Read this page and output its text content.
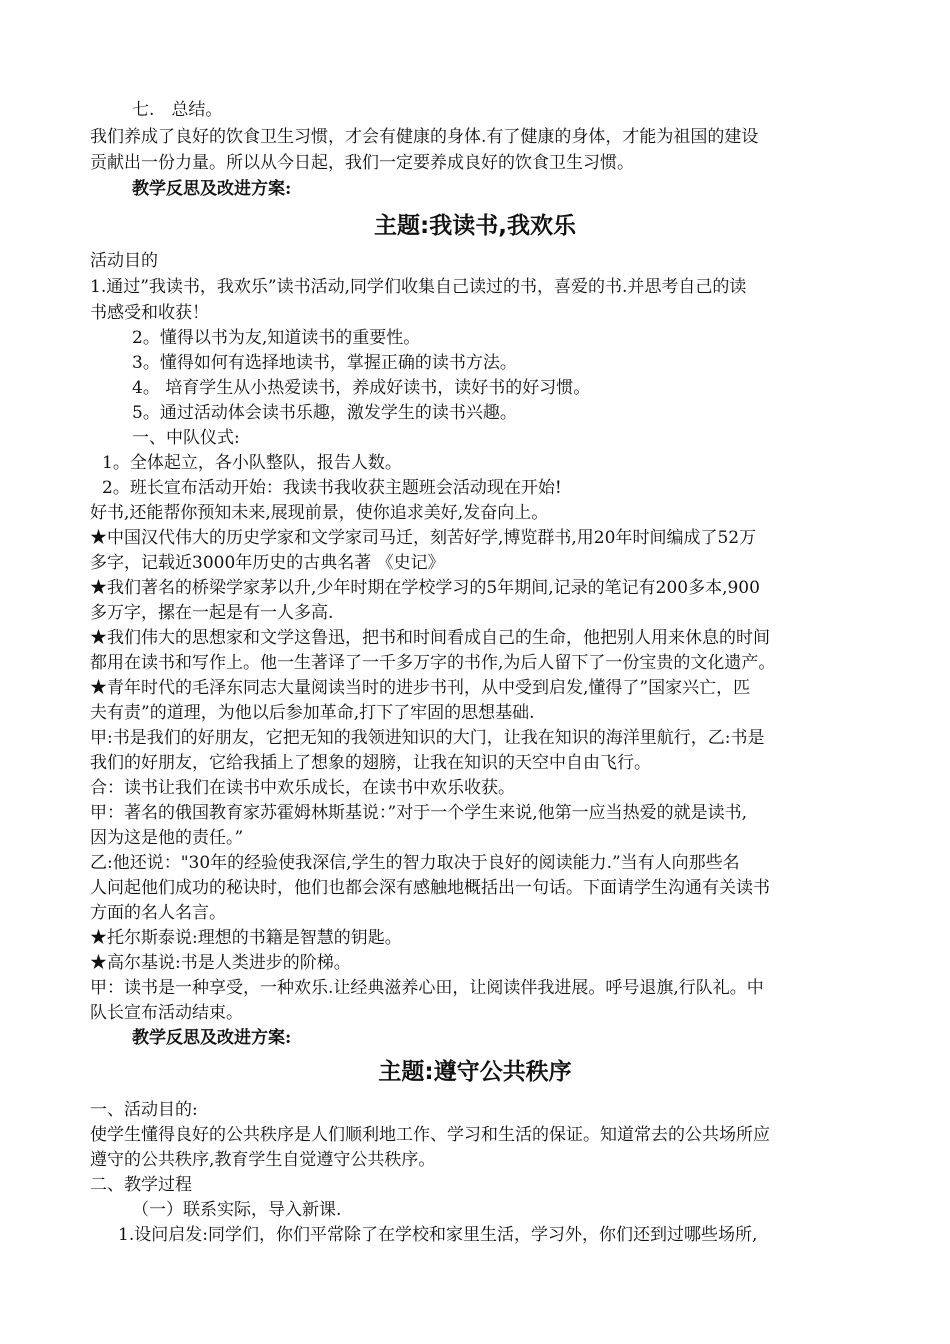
七.　总结。
我们养成了良好的饮食卫生习惯，才会有健康的身体.有了健康的身体，才能为祖国的建设
贡献出一份力量。所以从今日起，我们一定要养成良好的饮食卫生习惯。
教学反思及改进方案:
主题:我读书,我欢乐
活动目的
1.通过”我读书，我欢乐”读书活动,同学们收集自己读过的书，喜爱的书.并思考自己的读
书感受和收获！
2。懂得以书为友,知道读书的重要性。
3。懂得如何有选择地读书，掌握正确的读书方法。
4。 培育学生从小热爱读书，养成好读书，读好书的好习惯。
5。通过活动体会读书乐趣，激发学生的读书兴趣。
一、中队仪式:
1。全体起立，各小队整队，报告人数。
2。班长宣布活动开始：我读书我收获主题班会活动现在开始!
好书,还能帮你预知未来,展现前景，使你追求美好,发奋向上。
★中国汉代伟大的历史学家和文学家司马迁，刻苦好学,博览群书,用20年时间编成了52万
多字，记载近3000年历史的古典名著 《史记》
★我们著名的桥梁学家茅以升,少年时期在学校学习的5年期间,记录的笔记有200多本,900
多万字，摞在一起是有一人多高.
★我们伟大的思想家和文学这鲁迅，把书和时间看成自己的生命，他把别人用来休息的时间
都用在读书和写作上。他一生著译了一千多万字的书作,为后人留下了一份宝贵的文化遗产。
★青年时代的毛泽东同志大量阅读当时的进步书刊，从中受到启发,懂得了”国家兴亡，匹
夫有责”的道理，为他以后参加革命,打下了牢固的思想基础.
甲:书是我们的好朋友，它把无知的我领进知识的大门，让我在知识的海洋里航行，乙:书是
我们的好朋友，它给我插上了想象的翅膀，让我在知识的天空中自由飞行。
合：读书让我们在读书中欢乐成长，在读书中欢乐收获。
甲：著名的俄国教育家苏霍姆林斯基说：”对于一个学生来说,他第一应当热爱的就是读书,
因为这是他的责任。”
乙:他还说："30年的经验使我深信,学生的智力取决于良好的阅读能力.”当有人向那些名
人问起他们成功的秘诀时，他们也都会深有感触地概括出一句话。下面请学生沟通有关读书
方面的名人名言。
★托尔斯泰说:理想的书籍是智慧的钥匙。
★高尔基说:书是人类进步的阶梯。
甲：读书是一种享受，一种欢乐.让经典滋养心田，让阅读伴我进展。呼号退旗,行队礼。中
队长宣布活动结束。
教学反思及改进方案:
主题:遵守公共秩序
一、活动目的:
使学生懂得良好的公共秩序是人们顺利地工作、学习和生活的保证。知道常去的公共场所应
遵守的公共秩序,教育学生自觉遵守公共秩序。
二、教学过程
（一）联系实际，导入新课.
1.设问启发:同学们，你们平常除了在学校和家里生活，学习外，你们还到过哪些场所,
